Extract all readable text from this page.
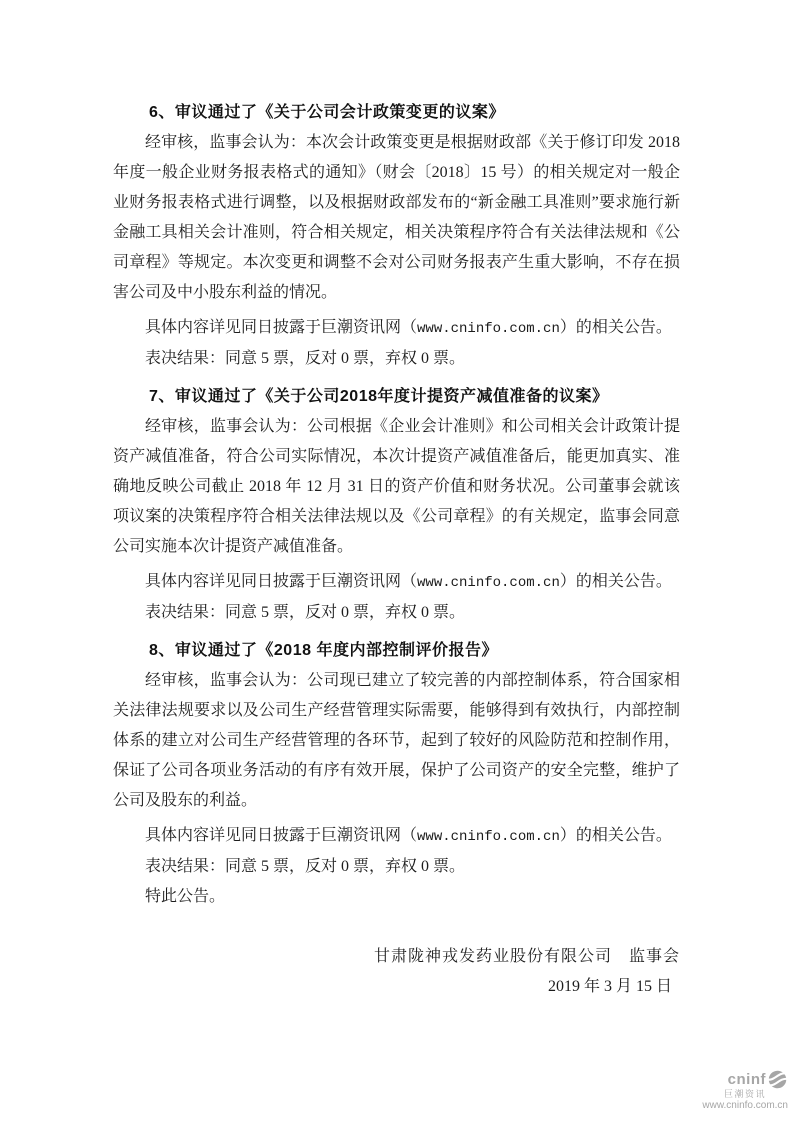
6、审议通过了《关于公司会计政策变更的议案》

经审核，监事会认为：本次会计政策变更是根据财政部《关于修订印发 2018 年度一般企业财务报表格式的通知》（财会〔2018〕15 号）的相关规定对一般企业财务报表格式进行调整，以及根据财政部发布的“新金融工具准则”要求施行新金融工具相关会计准则，符合相关规定，相关决策程序符合有关法律法规和《公司章程》等规定。本次变更和调整不会对公司财务报表产生重大影响，不存在损害公司及中小股东利益的情况。

具体内容详见同日披露于巨潮资讯网（www.cninfo.com.cn）的相关公告。

表决结果：同意 5 票，反对 0 票，弃权 0 票。

7、审议通过了《关于公司2018年度计提资产减值准备的议案》

经审核，监事会认为：公司根据《企业会计准则》和公司相关会计政策计提资产减值准备，符合公司实际情况，本次计提资产减值准备后，能更加真实、准确地反映公司截止 2018 年 12 月 31 日的资产价值和财务状况。公司董事会就该项议案的决策程序符合相关法律法规以及《公司章程》的有关规定，监事会同意公司实施本次计提资产减值准备。

具体内容详见同日披露于巨潮资讯网（www.cninfo.com.cn）的相关公告。

表决结果：同意 5 票，反对 0 票，弃权 0 票。

8、审议通过了《2018 年度内部控制评价报告》

经审核，监事会认为：公司现已建立了较完善的内部控制体系，符合国家相关法律法规要求以及公司生产经营管理实际需要，能够得到有效执行，内部控制体系的建立对公司生产经营管理的各环节，起到了较好的风险防范和控制作用，保证了公司各项业务活动的有序有效开展，保护了公司资产的安全完整，维护了公司及股东的利益。

具体内容详见同日披露于巨潮资讯网（www.cninfo.com.cn）的相关公告。

表决结果：同意 5 票，反对 0 票，弃权 0 票。

特此公告。

甘肃陇神戎发药业股份有限公司　监事会

2019 年 3 月 15 日

cninf
巨潮资讯
www.cninfo.com.cn
